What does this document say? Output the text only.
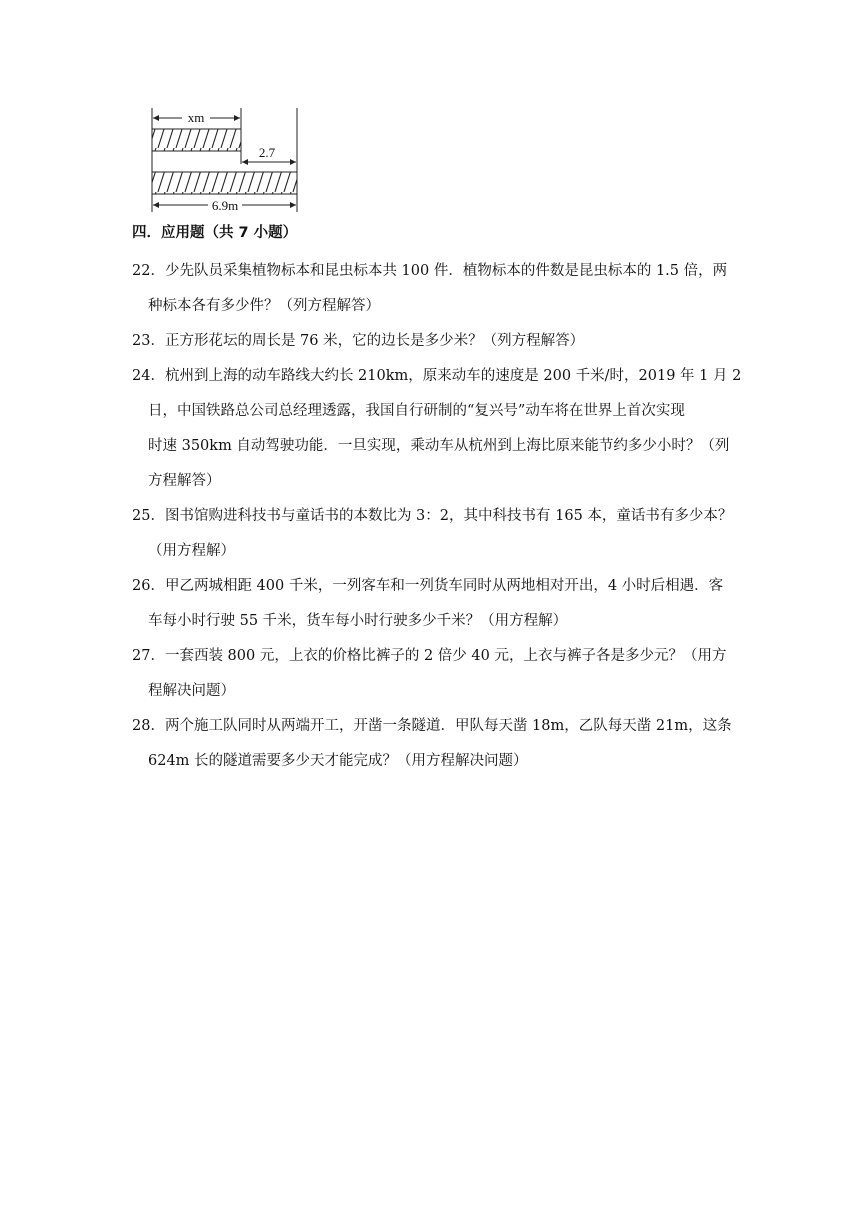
xm
2.7
6.9m
四．应用题（共 7 小题）
22．少先队员采集植物标本和昆虫标本共 100 件．植物标本的件数是昆虫标本的 1.5 倍，两
种标本各有多少件？（列方程解答）
23．正方形花坛的周长是 76 米，它的边长是多少米？（列方程解答）
24．杭州到上海的动车路线大约长 210km，原来动车的速度是 200 千米/时，2019 年 1 月 2
日，中国铁路总公司总经理透露，我国自行研制的“复兴号”动车将在世界上首次实现
时速 350km 自动驾驶功能．一旦实现，乘动车从杭州到上海比原来能节约多少小时？（列
方程解答）
25．图书馆购进科技书与童话书的本数比为 3：2，其中科技书有 165 本，童话书有多少本？
（用方程解）
26．甲乙两城相距 400 千米，一列客车和一列货车同时从两地相对开出，4 小时后相遇．客
车每小时行驶 55 千米，货车每小时行驶多少千米？（用方程解）
27．一套西装 800 元，上衣的价格比裤子的 2 倍少 40 元，上衣与裤子各是多少元？（用方
程解决问题）
28．两个施工队同时从两端开工，开凿一条隧道．甲队每天凿 18m，乙队每天凿 21m，这条
624m 长的隧道需要多少天才能完成？（用方程解决问题）
